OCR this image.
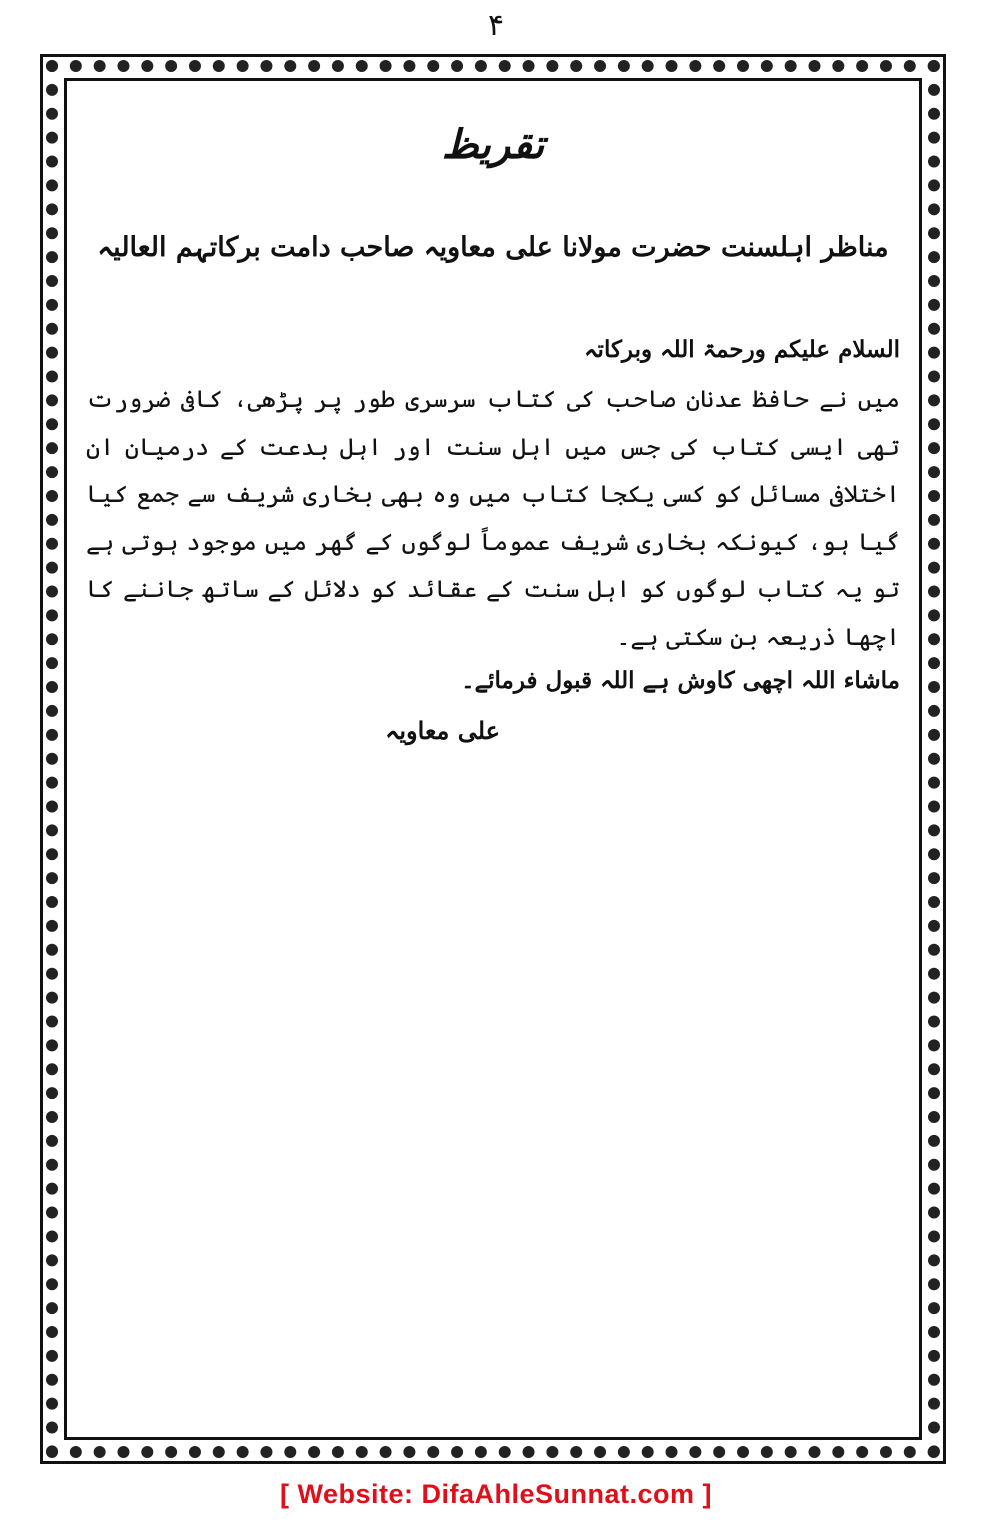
۴
تقریظ
مناظر اہلسنت حضرت مولانا علی معاویہ صاحب دامت برکاتہم العالیہ

السلام علیکم ورحمۃ اللہ وبرکاتہ

میں نے حافظ عدنان صاحب کی کتاب سرسری طور پر پڑھی، کافی ضرورت تھی ایسی کتاب کی جس میں اہل سنت اور اہل بدعت کے درمیان ان اختلافی مسائل کو کسی یکجا کتاب میں وہ بھی بخاری شریف سے جمع کیا گیا ہو، کیونکہ بخاری شریف عموماً لوگوں کے گھر میں موجود ہوتی ہے تو یہ کتاب لوگوں کو اہل سنت کے عقائد کو دلائل کے ساتھ جاننے کا اچھا ذریعہ بن سکتی ہے۔

ماشاء اللہ اچھی کاوش ہے اللہ قبول فرمائے۔

علی معاویہ

[ Website: DifaAhleSunnat.com ]
